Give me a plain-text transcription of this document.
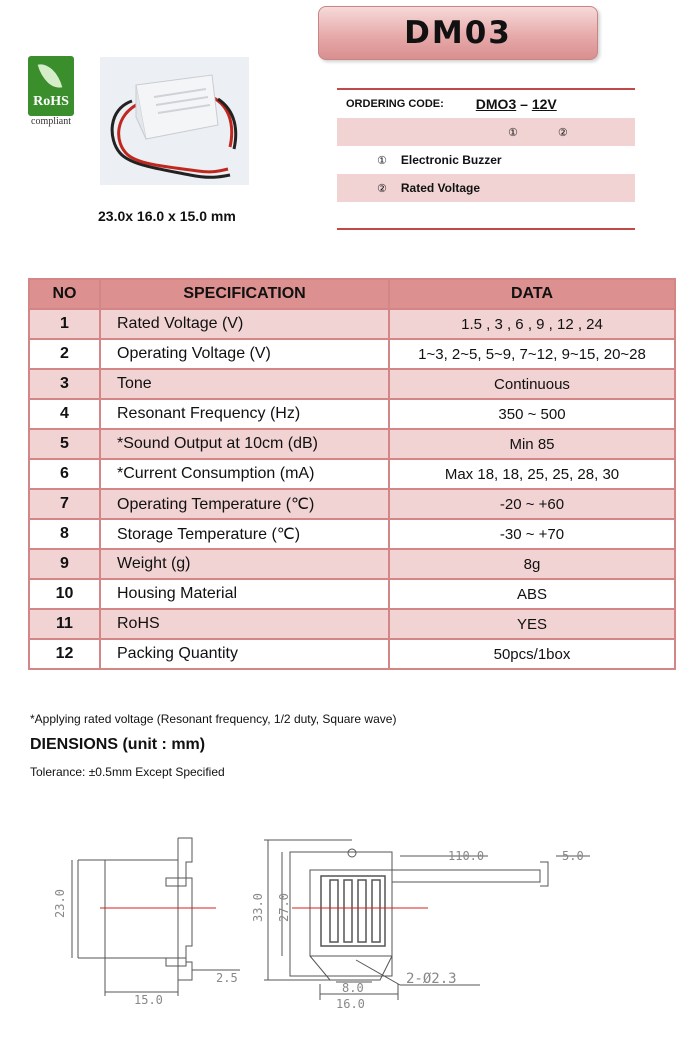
DM03
RoHS
compliant
23.0x 16.0 x 15.0 mm
ORDERING CODE: DMO3 – 12V
①	②
① Electronic Buzzer
② Rated Voltage
NO	SPECIFICATION	DATA
1	Rated Voltage (V)	1.5 , 3 , 6 , 9 , 12 , 24
2	Operating Voltage (V)	1~3, 2~5, 5~9, 7~12, 9~15, 20~28
3	Tone	Continuous
4	Resonant Frequency (Hz)	350 ~ 500
5	*Sound Output at 10cm (dB)	Min 85
6	*Current Consumption (mA)	Max 18, 18, 25, 25, 28, 30
7	Operating Temperature (℃)	-20 ~ +60
8	Storage Temperature (℃)	-30 ~ +70
9	Weight (g)	8g
10	Housing Material	ABS
11	RoHS	YES
12	Packing Quantity	50pcs/1box
*Applying rated voltage (Resonant frequency, 1/2 duty, Square wave)
DIENSIONS (unit : mm)
Tolerance: ±0.5mm Except Specified
23.0
15.0
2.5
33.0 27.0
110.0	5.0
8.0
16.0
2-Ø2.3
